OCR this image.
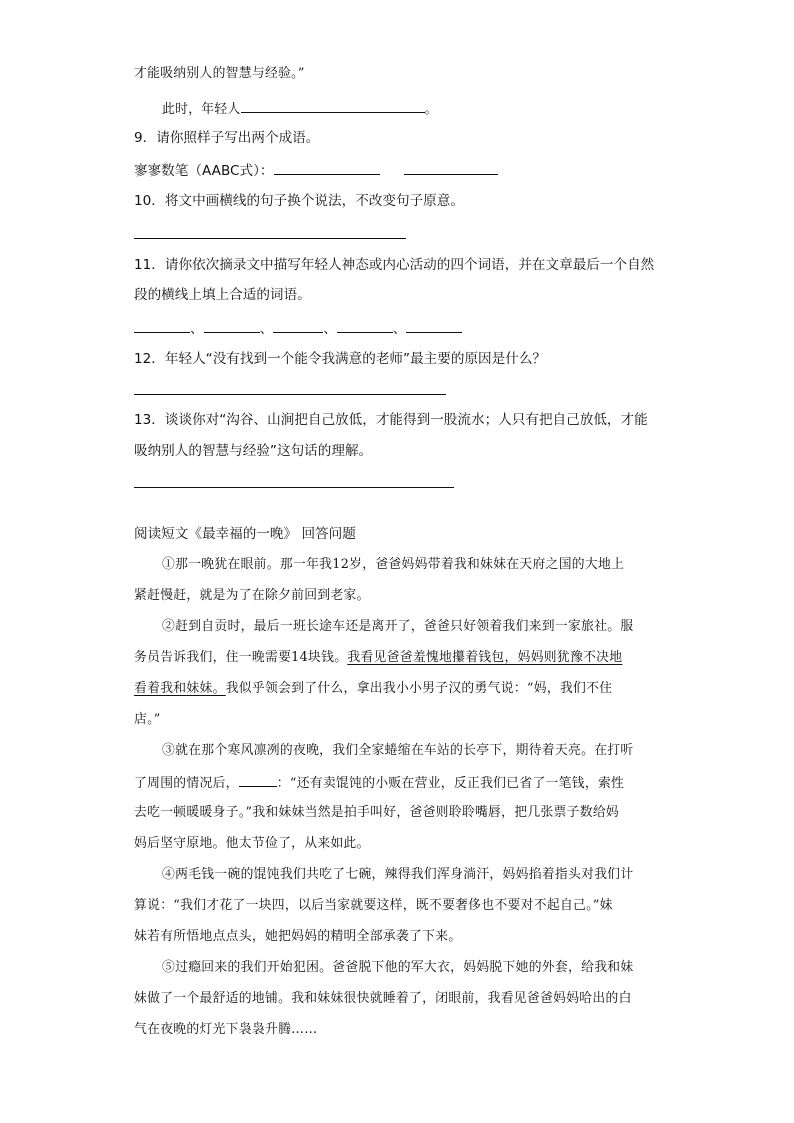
才能吸纳别人的智慧与经验。”
此时，年轻人	。
9．请你照样子写出两个成语。
寥寥数笔（AABC式）：
10．将文中画横线的句子换个说法，不改变句子原意。
11．请你依次摘录文中描写年轻人神态或内心活动的四个词语，并在文章最后一个自然
段的横线上填上合适的词语。
、	、	、	、
12．年轻人“没有找到一个能令我满意的老师”最主要的原因是什么？
13．谈谈你对“沟谷、山涧把自己放低，才能得到一股流水；人只有把自己放低，才能
吸纳别人的智慧与经验”这句话的理解。
阅读短文《最幸福的一晚》 回答问题
①那一晚犹在眼前。那一年我12岁，爸爸妈妈带着我和妹妹在天府之国的大地上
紧赶慢赶，就是为了在除夕前回到老家。
②赶到自贡时，最后一班长途车还是离开了，爸爸只好领着我们来到一家旅社。服
务员告诉我们，住一晚需要14块钱。我看见爸爸羞愧地攥着钱包，妈妈则犹豫不决地
看着我和妹妹。我似乎领会到了什么，拿出我小小男子汉的勇气说：“妈，我们不住
店。”
③就在那个寒风凛冽的夜晚，我们全家蜷缩在车站的长亭下，期待着天亮。在打听
了周围的情况后，	：“还有卖馄饨的小贩在营业，反正我们已省了一笔钱，索性
去吃一顿暖暖身子。”我和妹妹当然是拍手叫好，爸爸则聆聆嘴唇，把几张票子数给妈
妈后坚守原地。他太节俭了，从来如此。
④两毛钱一碗的馄饨我们共吃了七碗，辣得我们浑身淌汗，妈妈掐着指头对我们计
算说：“我们才花了一块四，以后当家就要这样，既不要奢侈也不要对不起自己。”妹
妹若有所悟地点点头，她把妈妈的精明全部承袭了下来。
⑤过瘾回来的我们开始犯困。爸爸脱下他的军大衣，妈妈脱下她的外套，给我和妹
妹做了一个最舒适的地铺。我和妹妹很快就睡着了，闭眼前，我看见爸爸妈妈哈出的白
气在夜晚的灯光下袅袅升腾……
